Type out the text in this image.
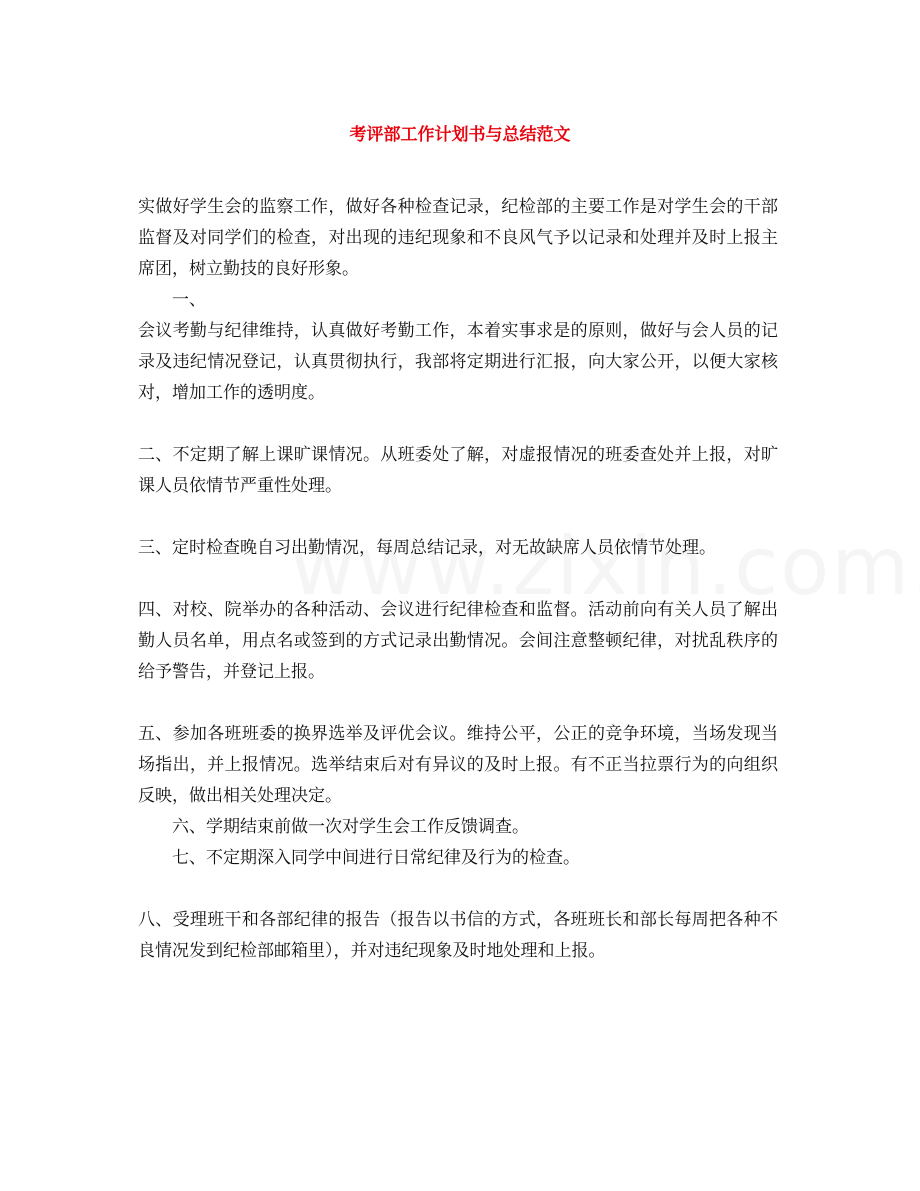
考评部工作计划书与总结范文

实做好学生会的监察工作，做好各种检查记录，纪检部的主要工作是对学生会的干部监督及对同学们的检查，对出现的违纪现象和不良风气予以记录和处理并及时上报主席团，树立勤技的良好形象。

一、

会议考勤与纪律维持，认真做好考勤工作，本着实事求是的原则，做好与会人员的记录及违纪情况登记，认真贯彻执行，我部将定期进行汇报，向大家公开，以便大家核对，增加工作的透明度。

二、不定期了解上课旷课情况。从班委处了解，对虚报情况的班委查处并上报，对旷课人员依情节严重性处理。

三、定时检查晚自习出勤情况，每周总结记录，对无故缺席人员依情节处理。

四、对校、院举办的各种活动、会议进行纪律检查和监督。活动前向有关人员了解出勤人员名单，用点名或签到的方式记录出勤情况。会间注意整顿纪律，对扰乱秩序的给予警告，并登记上报。

五、参加各班班委的换界选举及评优会议。维持公平，公正的竞争环境，当场发现当场指出，并上报情况。选举结束后对有异议的及时上报。有不正当拉票行为的向组织反映，做出相关处理决定。

六、学期结束前做一次对学生会工作反馈调查。

七、不定期深入同学中间进行日常纪律及行为的检查。

八、受理班干和各部纪律的报告（报告以书信的方式，各班班长和部长每周把各种不良情况发到纪检部邮箱里），并对违纪现象及时地处理和上报。
